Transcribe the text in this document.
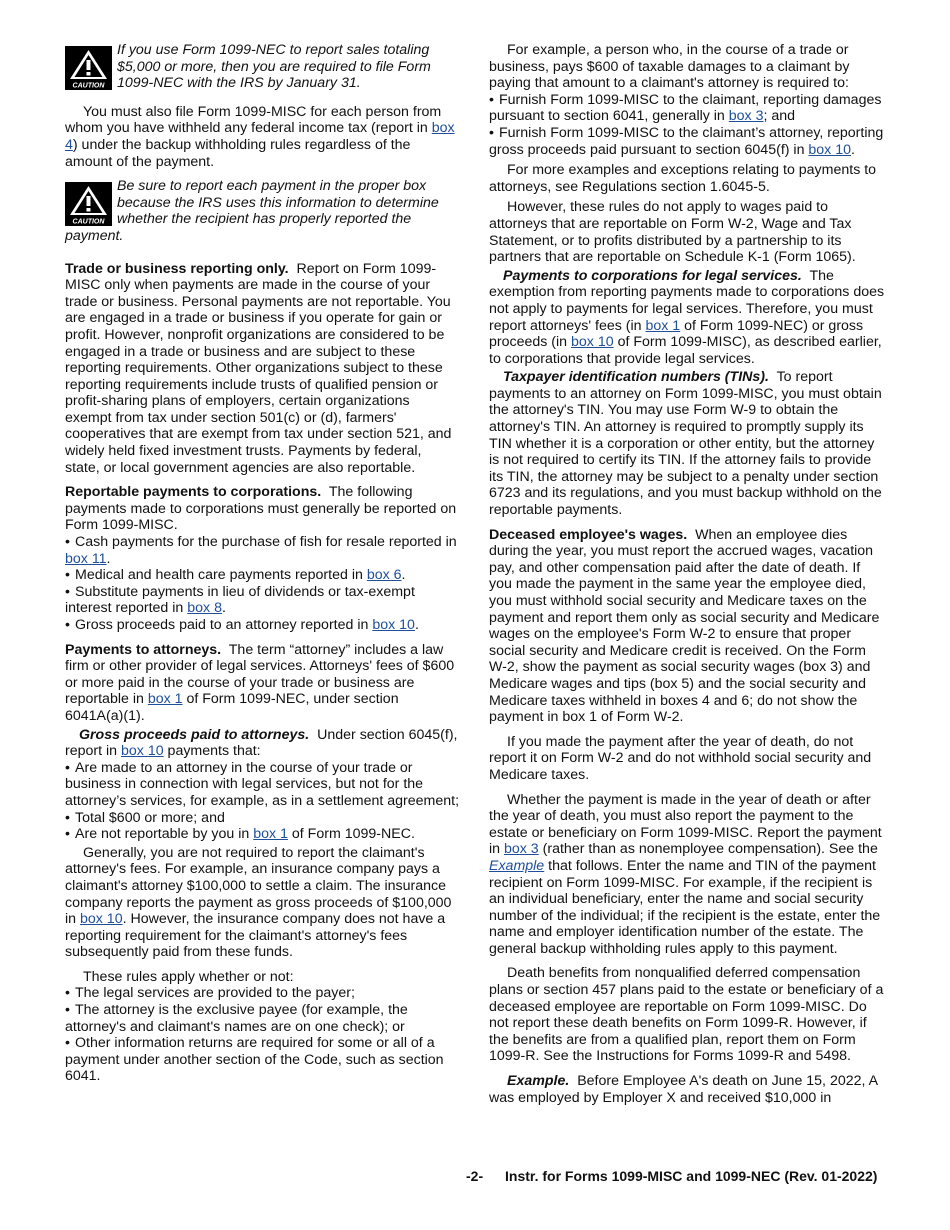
CAUTION
If you use Form 1099-NEC to report sales totaling $5,000 or more, then you are required to file Form 1099-NEC with the IRS by January 31.

You must also file Form 1099-MISC for each person from whom you have withheld any federal income tax (report in box 4) under the backup withholding rules regardless of the amount of the payment.

CAUTION
Be sure to report each payment in the proper box
because the IRS uses this information to determine
whether the recipient has properly reported the
payment.

Trade or business reporting only. Report on Form 1099-MISC only when payments are made in the course of your trade or business. Personal payments are not reportable. You are engaged in a trade or business if you operate for gain or profit. However, nonprofit organizations are considered to be engaged in a trade or business and are subject to these reporting requirements. Other organizations subject to these reporting requirements include trusts of qualified pension or profit-sharing plans of employers, certain organizations exempt from tax under section 501(c) or (d), farmers' cooperatives that are exempt from tax under section 521, and widely held fixed investment trusts. Payments by federal, state, or local government agencies are also reportable.

Reportable payments to corporations. The following payments made to corporations must generally be reported on Form 1099-MISC.

• Cash payments for the purchase of fish for resale reported in box 11.

• Medical and health care payments reported in box 6.

• Substitute payments in lieu of dividends or tax-exempt interest reported in box 8.

• Gross proceeds paid to an attorney reported in box 10.

Payments to attorneys. The term “attorney” includes a law firm or other provider of legal services. Attorneys' fees of $600 or more paid in the course of your trade or business are reportable in box 1 of Form 1099-NEC, under section 6041A(a)(1).

Gross proceeds paid to attorneys. Under section 6045(f), report in box 10 payments that:

• Are made to an attorney in the course of your trade or business in connection with legal services, but not for the attorney’s services, for example, as in a settlement agreement;

• Total $600 or more; and

• Are not reportable by you in box 1 of Form 1099-NEC.

Generally, you are not required to report the claimant's attorney's fees. For example, an insurance company pays a claimant's attorney $100,000 to settle a claim. The insurance company reports the payment as gross proceeds of $100,000 in box 10. However, the insurance company does not have a reporting requirement for the claimant's attorney's fees subsequently paid from these funds.

These rules apply whether or not:

• The legal services are provided to the payer;

• The attorney is the exclusive payee (for example, the attorney's and claimant's names are on one check); or

• Other information returns are required for some or all of a payment under another section of the Code, such as section 6041.

For example, a person who, in the course of a trade or business, pays $600 of taxable damages to a claimant by paying that amount to a claimant's attorney is required to:

• Furnish Form 1099-MISC to the claimant, reporting damages pursuant to section 6041, generally in box 3; and

• Furnish Form 1099-MISC to the claimant’s attorney, reporting gross proceeds paid pursuant to section 6045(f) in box 10.

For more examples and exceptions relating to payments to attorneys, see Regulations section 1.6045-5.

However, these rules do not apply to wages paid to attorneys that are reportable on Form W-2, Wage and Tax Statement, or to profits distributed by a partnership to its partners that are reportable on Schedule K-1 (Form 1065).

Payments to corporations for legal services. The exemption from reporting payments made to corporations does not apply to payments for legal services. Therefore, you must report attorneys' fees (in box 1 of Form 1099-NEC) or gross proceeds (in box 10 of Form 1099-MISC), as described earlier, to corporations that provide legal services.

Taxpayer identification numbers (TINs). To report payments to an attorney on Form 1099-MISC, you must obtain the attorney's TIN. You may use Form W-9 to obtain the attorney's TIN. An attorney is required to promptly supply its TIN whether it is a corporation or other entity, but the attorney is not required to certify its TIN. If the attorney fails to provide its TIN, the attorney may be subject to a penalty under section 6723 and its regulations, and you must backup withhold on the reportable payments.

Deceased employee's wages. When an employee dies during the year, you must report the accrued wages, vacation pay, and other compensation paid after the date of death. If you made the payment in the same year the employee died, you must withhold social security and Medicare taxes on the payment and report them only as social security and Medicare wages on the employee's Form W-2 to ensure that proper social security and Medicare credit is received. On the Form W-2, show the payment as social security wages (box 3) and Medicare wages and tips (box 5) and the social security and Medicare taxes withheld in boxes 4 and 6; do not show the payment in box 1 of Form W-2.

If you made the payment after the year of death, do not report it on Form W-2 and do not withhold social security and Medicare taxes.

Whether the payment is made in the year of death or after the year of death, you must also report the payment to the estate or beneficiary on Form 1099-MISC. Report the payment in box 3 (rather than as nonemployee compensation). See the Example that follows. Enter the name and TIN of the payment recipient on Form 1099-MISC. For example, if the recipient is an individual beneficiary, enter the name and social security number of the individual; if the recipient is the estate, enter the name and employer identification number of the estate. The general backup withholding rules apply to this payment.

Death benefits from nonqualified deferred compensation plans or section 457 plans paid to the estate or beneficiary of a deceased employee are reportable on Form 1099-MISC. Do not report these death benefits on Form 1099-R. However, if the benefits are from a qualified plan, report them on Form 1099-R. See the Instructions for Forms 1099-R and 5498.

Example. Before Employee A's death on June 15, 2022, A was employed by Employer X and received $10,000 in

-2- Instr. for Forms 1099-MISC and 1099-NEC (Rev. 01-2022)
